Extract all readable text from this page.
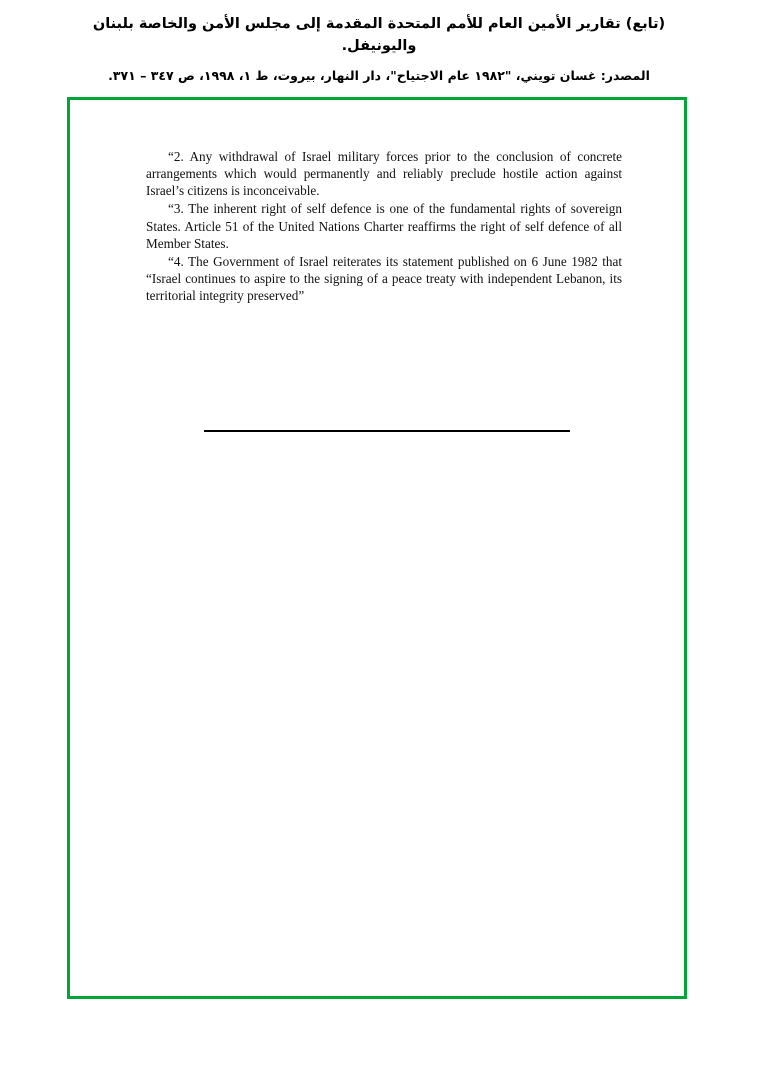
(تابع) تقارير الأمين العام للأمم المتحدة المقدمة إلى مجلس الأمن والخاصة بلبنان واليونيفل.
المصدر: غسان تويني، "١٩٨٢ عام الاجتياح"، دار النهار، بيروت، ط ١، ١٩٩٨، ص ٣٤٧ – ٣٧١.

“2. Any withdrawal of Israel military forces prior to the conclusion of concrete arrangements which would permanently and reliably preclude hostile action against Israel’s citizens is inconceivable.

“3. The inherent right of self defence is one of the fundamental rights of sovereign States. Article 51 of the United Nations Charter reaffirms the right of self defence of all Member States.

“4. The Government of Israel reiterates its statement published on 6 June 1982 that “Israel continues to aspire to the signing of a peace treaty with independent Lebanon, its territorial integrity preserved”
